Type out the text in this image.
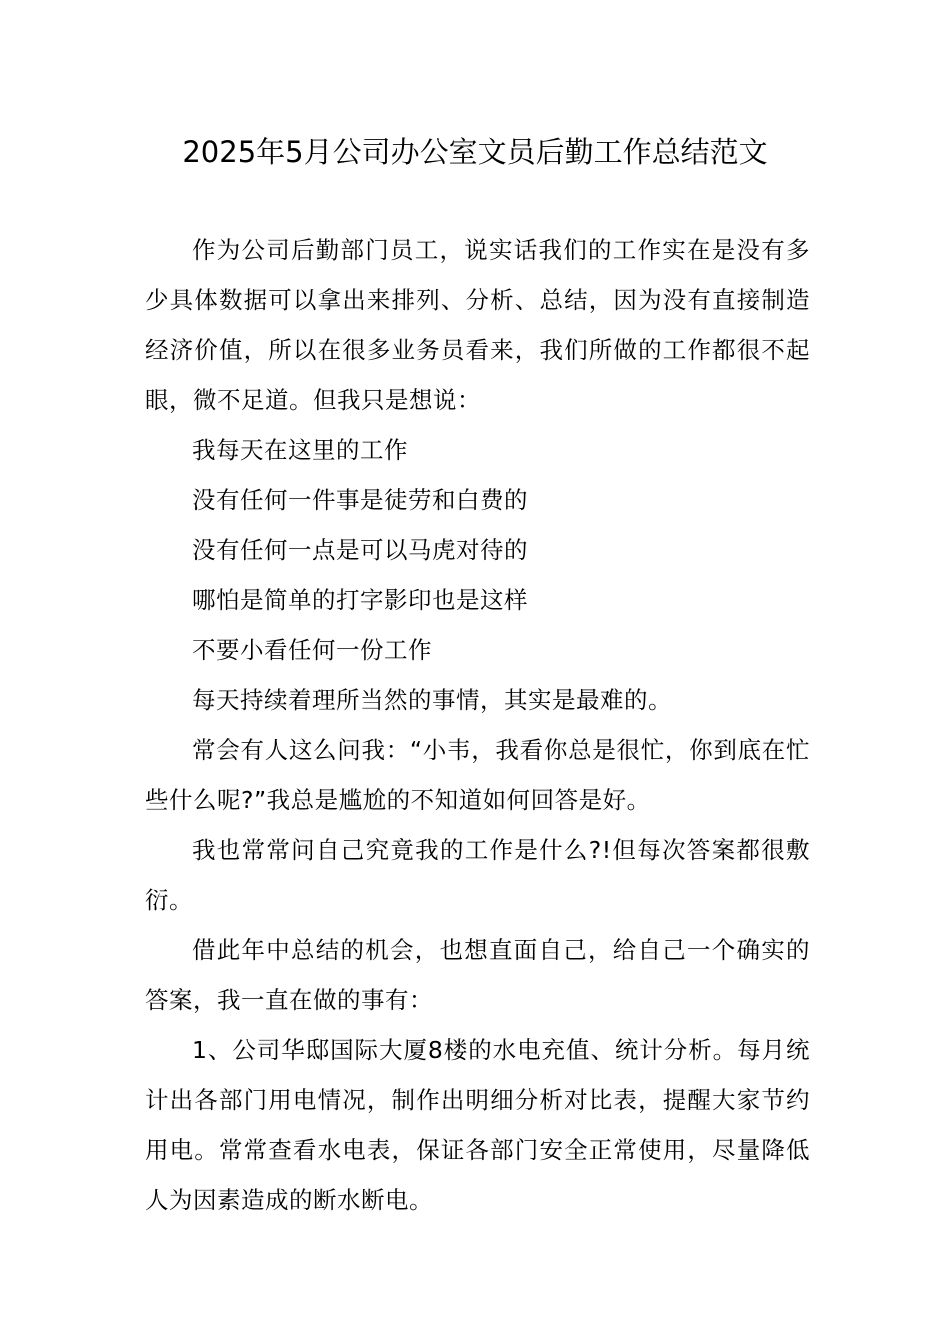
2025年5月公司办公室文员后勤工作总结范文

作为公司后勤部门员工，说实话我们的工作实在是没有多少具体数据可以拿出来排列、分析、总结，因为没有直接制造经济价值，所以在很多业务员看来，我们所做的工作都很不起眼，微不足道。但我只是想说：

我每天在这里的工作

没有任何一件事是徒劳和白费的

没有任何一点是可以马虎对待的

哪怕是简单的打字影印也是这样

不要小看任何一份工作

每天持续着理所当然的事情，其实是最难的。

常会有人这么问我：“小韦，我看你总是很忙，你到底在忙些什么呢?”我总是尴尬的不知道如何回答是好。

我也常常问自己究竟我的工作是什么?!但每次答案都很敷衍。

借此年中总结的机会，也想直面自己，给自己一个确实的答案，我一直在做的事有：

1、公司华邸国际大厦8楼的水电充值、统计分析。每月统计出各部门用电情况，制作出明细分析对比表，提醒大家节约用电。常常查看水电表，保证各部门安全正常使用，尽量降低人为因素造成的断水断电。
